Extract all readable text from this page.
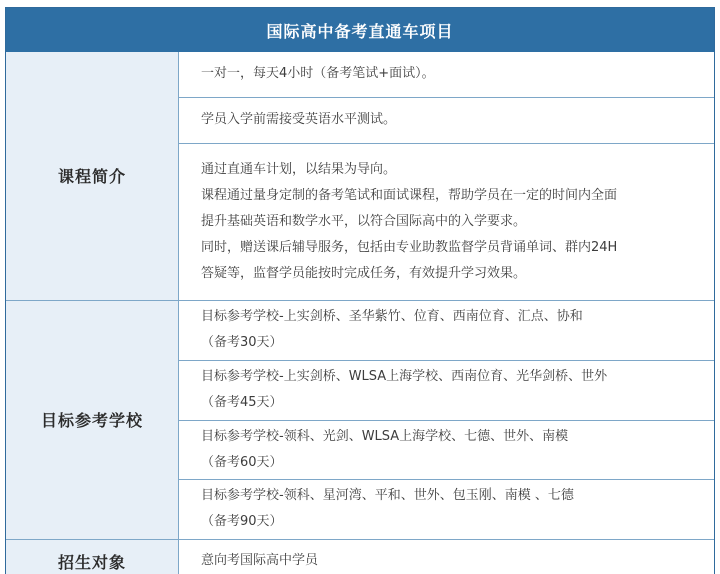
国际高中备考直通车项目
课程简介	一对一，每天4小时（备考笔试+面试）。
	学员入学前需接受英语水平测试。

	通过直通车计划，以结果为导向。
课程通过量身定制的备考笔试和面试课程，帮助学员在一定的时间内全面
提升基础英语和数学水平，以符合国际高中的入学要求。
同时，赠送课后辅导服务，包括由专业助教监督学员背诵单词、群内24H
答疑等，监督学员能按时完成任务，有效提升学习效果。

目标参考学校	目标参考学校-上实剑桥、圣华紫竹、位育、西南位育、汇点、协和
（备考30天）

	目标参考学校-上实剑桥、WLSA上海学校、西南位育、光华剑桥、世外
（备考45天）

	目标参考学校-领科、光剑、WLSA上海学校、七德、世外、南模
（备考60天）

	目标参考学校-领科、星河湾、平和、世外、包玉刚、南模 、七德
（备考90天）

招生对象	意向考国际高中学员
